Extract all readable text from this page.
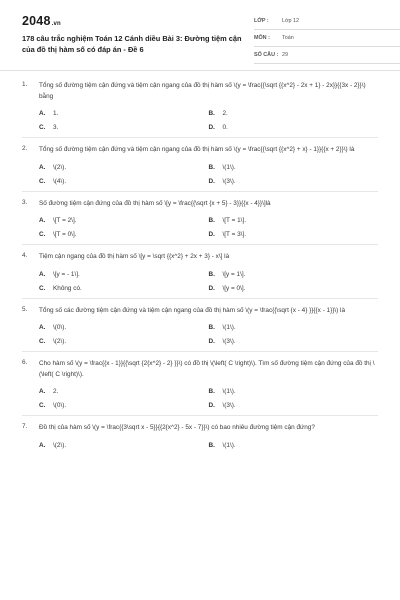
2048.vn
178 câu trắc nghiệm Toán 12 Cánh diều Bài 3: Đường tiệm cận của đồ thị hàm số có đáp án - Đề 6
LỚP :	Lớp 12
MÔN :	Toán
SỐ CÂU : 29
1.	Tổng số đường tiệm cận đứng và tiệm cận ngang của đồ thị hàm số \(y = \frac{{\sqrt {{x^2} - 2x + 1} - 2x}}{{3x - 2}}\) bằng
A.	1.	B.	2.
C.	3.	D.	0.
2.	Tổng số đường tiệm cận đứng và tiệm cận ngang của đồ thị hàm số \(y = \frac{{\sqrt {{x^2} + x} - 1}}{{x + 2}}\) là
A.	\(2\).	B.	\(1\).
C.	\(4\).	D.	\(3\).
3.	Số đường tiệm cận đứng của đồ thị hàm số \[y = \frac{{\sqrt {x + 5} - 3}}{{x - 4}}\]là
A.	\[T = 2\].	B.	\[T = 1\].
C.	\[T = 0\].	D.	\[T = 3\].
4.	Tiệm cận ngang của đồ thị hàm số \[y = \sqrt {{x^2} + 2x + 3} - x\] là
A.	\[y = - 1\].	B.	\[y = 1\].
C.	Không có.	D.	\[y = 0\].
5.	Tổng số các đường tiệm cận đứng và tiệm cận ngang của đồ thị hàm số \(y = \frac{{\sqrt {x - 4} }}{{x - 1}}\) là
A.	\(0\).	B.	\(1\).
C.	\(2\).	D.	\(3\).
6.	Cho hàm số \(y = \frac{{x - 1}}{{\sqrt {2{x^2} - 2} }}\) có đồ thị \(\left( C \right)\). Tìm số đường tiệm cận đứng của đồ thị \(\left( C \right)\).
A.	2.	B.	\(1\).
C.	\(0\).	D.	\(3\).
7.	Đồ thị của hàm số \(y = \frac{{3\sqrt x - 5}}{{2{x^2} - 5x - 7}}\) có bao nhiêu đường tiệm cận đứng?
A.	\(2\).	B.	\(1\).
